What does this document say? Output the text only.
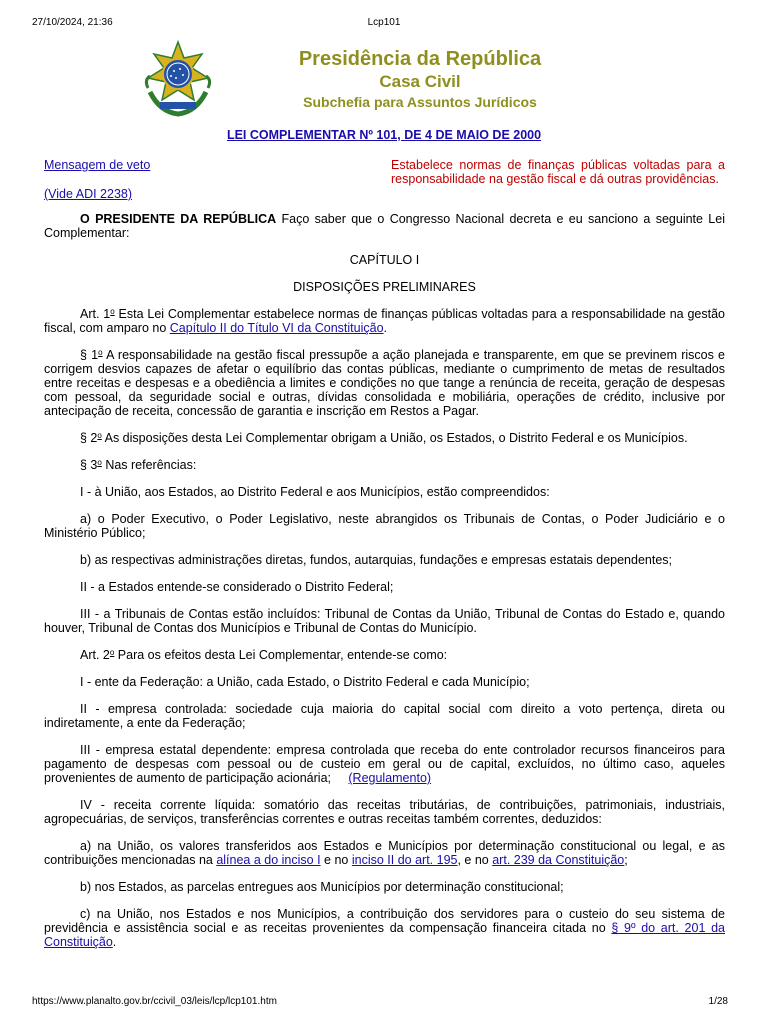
27/10/2024, 21:36	Lcp101
Presidência da República
Casa Civil
Subchefia para Assuntos Jurídicos
LEI COMPLEMENTAR Nº 101, DE 4 DE MAIO DE 2000
Mensagem de veto
(Vide ADI 2238)
Estabelece normas de finanças públicas voltadas para a responsabilidade na gestão fiscal e dá outras providências.

O PRESIDENTE DA REPÚBLICA Faço saber que o Congresso Nacional decreta e eu sanciono a seguinte Lei Complementar:

CAPÍTULO I

DISPOSIÇÕES PRELIMINARES

Art. 1$^o$ Esta Lei Complementar estabelece normas de finanças públicas voltadas para a responsabilidade na gestão fiscal, com amparo no Capítulo II do Título VI da Constituição.

§ 1$^o$ A responsabilidade na gestão fiscal pressupõe a ação planejada e transparente, em que se previnem riscos e corrigem desvios capazes de afetar o equilíbrio das contas públicas, mediante o cumprimento de metas de resultados entre receitas e despesas e a obediência a limites e condições no que tange a renúncia de receita, geração de despesas com pessoal, da seguridade social e outras, dívidas consolidada e mobiliária, operações de crédito, inclusive por antecipação de receita, concessão de garantia e inscrição em Restos a Pagar.

§ 2$^o$ As disposições desta Lei Complementar obrigam a União, os Estados, o Distrito Federal e os Municípios.

§ 3$^o$ Nas referências:

I - à União, aos Estados, ao Distrito Federal e aos Municípios, estão compreendidos:

a) o Poder Executivo, o Poder Legislativo, neste abrangidos os Tribunais de Contas, o Poder Judiciário e o Ministério Público;

b) as respectivas administrações diretas, fundos, autarquias, fundações e empresas estatais dependentes;

II - a Estados entende-se considerado o Distrito Federal;

III - a Tribunais de Contas estão incluídos: Tribunal de Contas da União, Tribunal de Contas do Estado e, quando houver, Tribunal de Contas dos Municípios e Tribunal de Contas do Município.

Art. 2$^o$ Para os efeitos desta Lei Complementar, entende-se como:

I - ente da Federação: a União, cada Estado, o Distrito Federal e cada Município;

II - empresa controlada: sociedade cuja maioria do capital social com direito a voto pertença, direta ou indiretamente, a ente da Federação;

III - empresa estatal dependente: empresa controlada que receba do ente controlador recursos financeiros para pagamento de despesas com pessoal ou de custeio em geral ou de capital, excluídos, no último caso, aqueles provenientes de aumento de participação acionária; (Regulamento)

IV - receita corrente líquida: somatório das receitas tributárias, de contribuições, patrimoniais, industriais, agropecuárias, de serviços, transferências correntes e outras receitas também correntes, deduzidos:

a) na União, os valores transferidos aos Estados e Municípios por determinação constitucional ou legal, e as contribuições mencionadas na alínea a do inciso I e no inciso II do art. 195, e no art. 239 da Constituição;

b) nos Estados, as parcelas entregues aos Municípios por determinação constitucional;

c) na União, nos Estados e nos Municípios, a contribuição dos servidores para o custeio do seu sistema de previdência e assistência social e as receitas provenientes da compensação financeira citada no § 9º do art. 201 da Constituição.

https://www.planalto.gov.br/ccivil_03/leis/lcp/lcp101.htm	1/28
